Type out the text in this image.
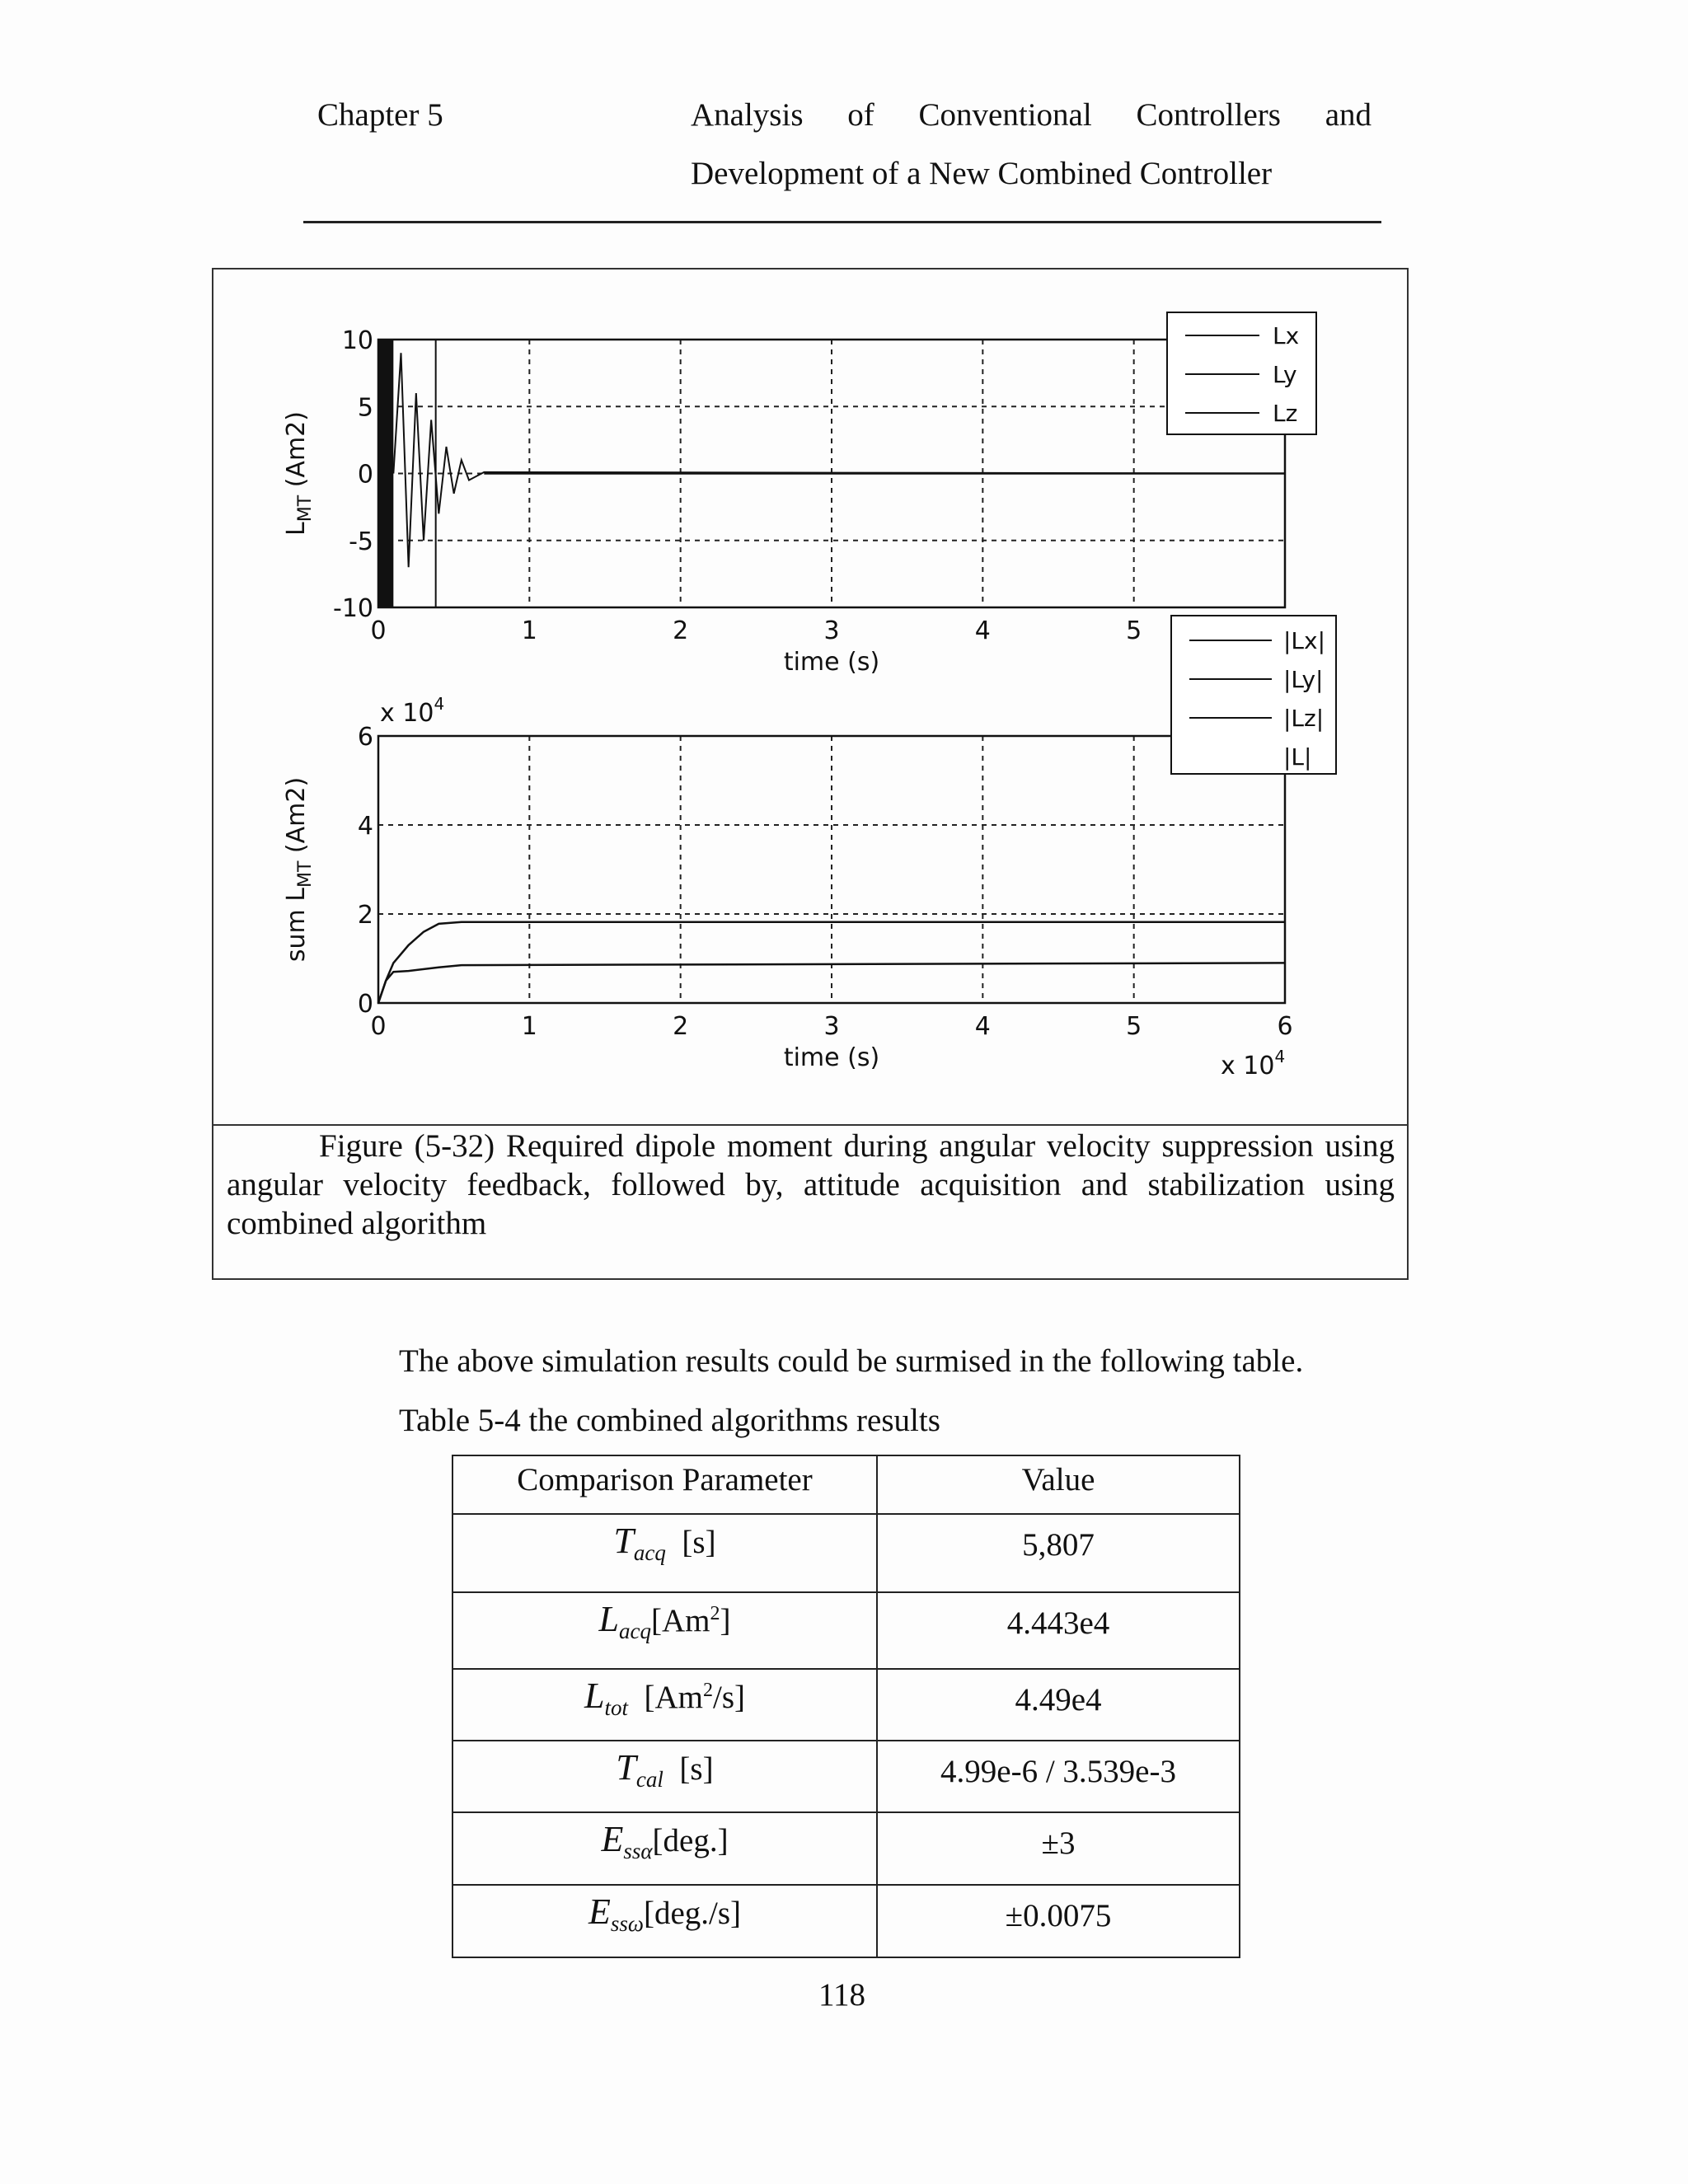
Chapter 5	Analysis of Conventional Controllers and
Development of a New Combined Controller
0	1	2	3	4	5
10
5
0
-5
-10
time (s)
$L_{MT}$ (Am2)
Lx
Ly
Lz
0	1	2	3	4	5	6
6
4
2
0
time (s)
x $10^4$
x $10^4$
sum $L_{MT}$ (Am2)
|Lx|
|Ly|
|Lz|
|L|
Figure (5-32) Required dipole moment during angular velocity suppression using angular velocity feedback, followed by, attitude acquisition and stabilization using combined algorithm
The above simulation results could be surmised in the following table.
Table 5-4 the combined algorithms results
Comparison Parameter	Value

$T_{acq}$ [s]	5,807

$L_{acq}[Am^2]$	4.443e4

$L_{tot}$ [Am$^2$/s]	4.49e4

$T_{cal}$ [s]	4.99e-6 / 3.539e-3

$E_{ss\alpha}[deg.]$	±3

$E_{ss\omega}[deg./s]$	±0.0075
118
